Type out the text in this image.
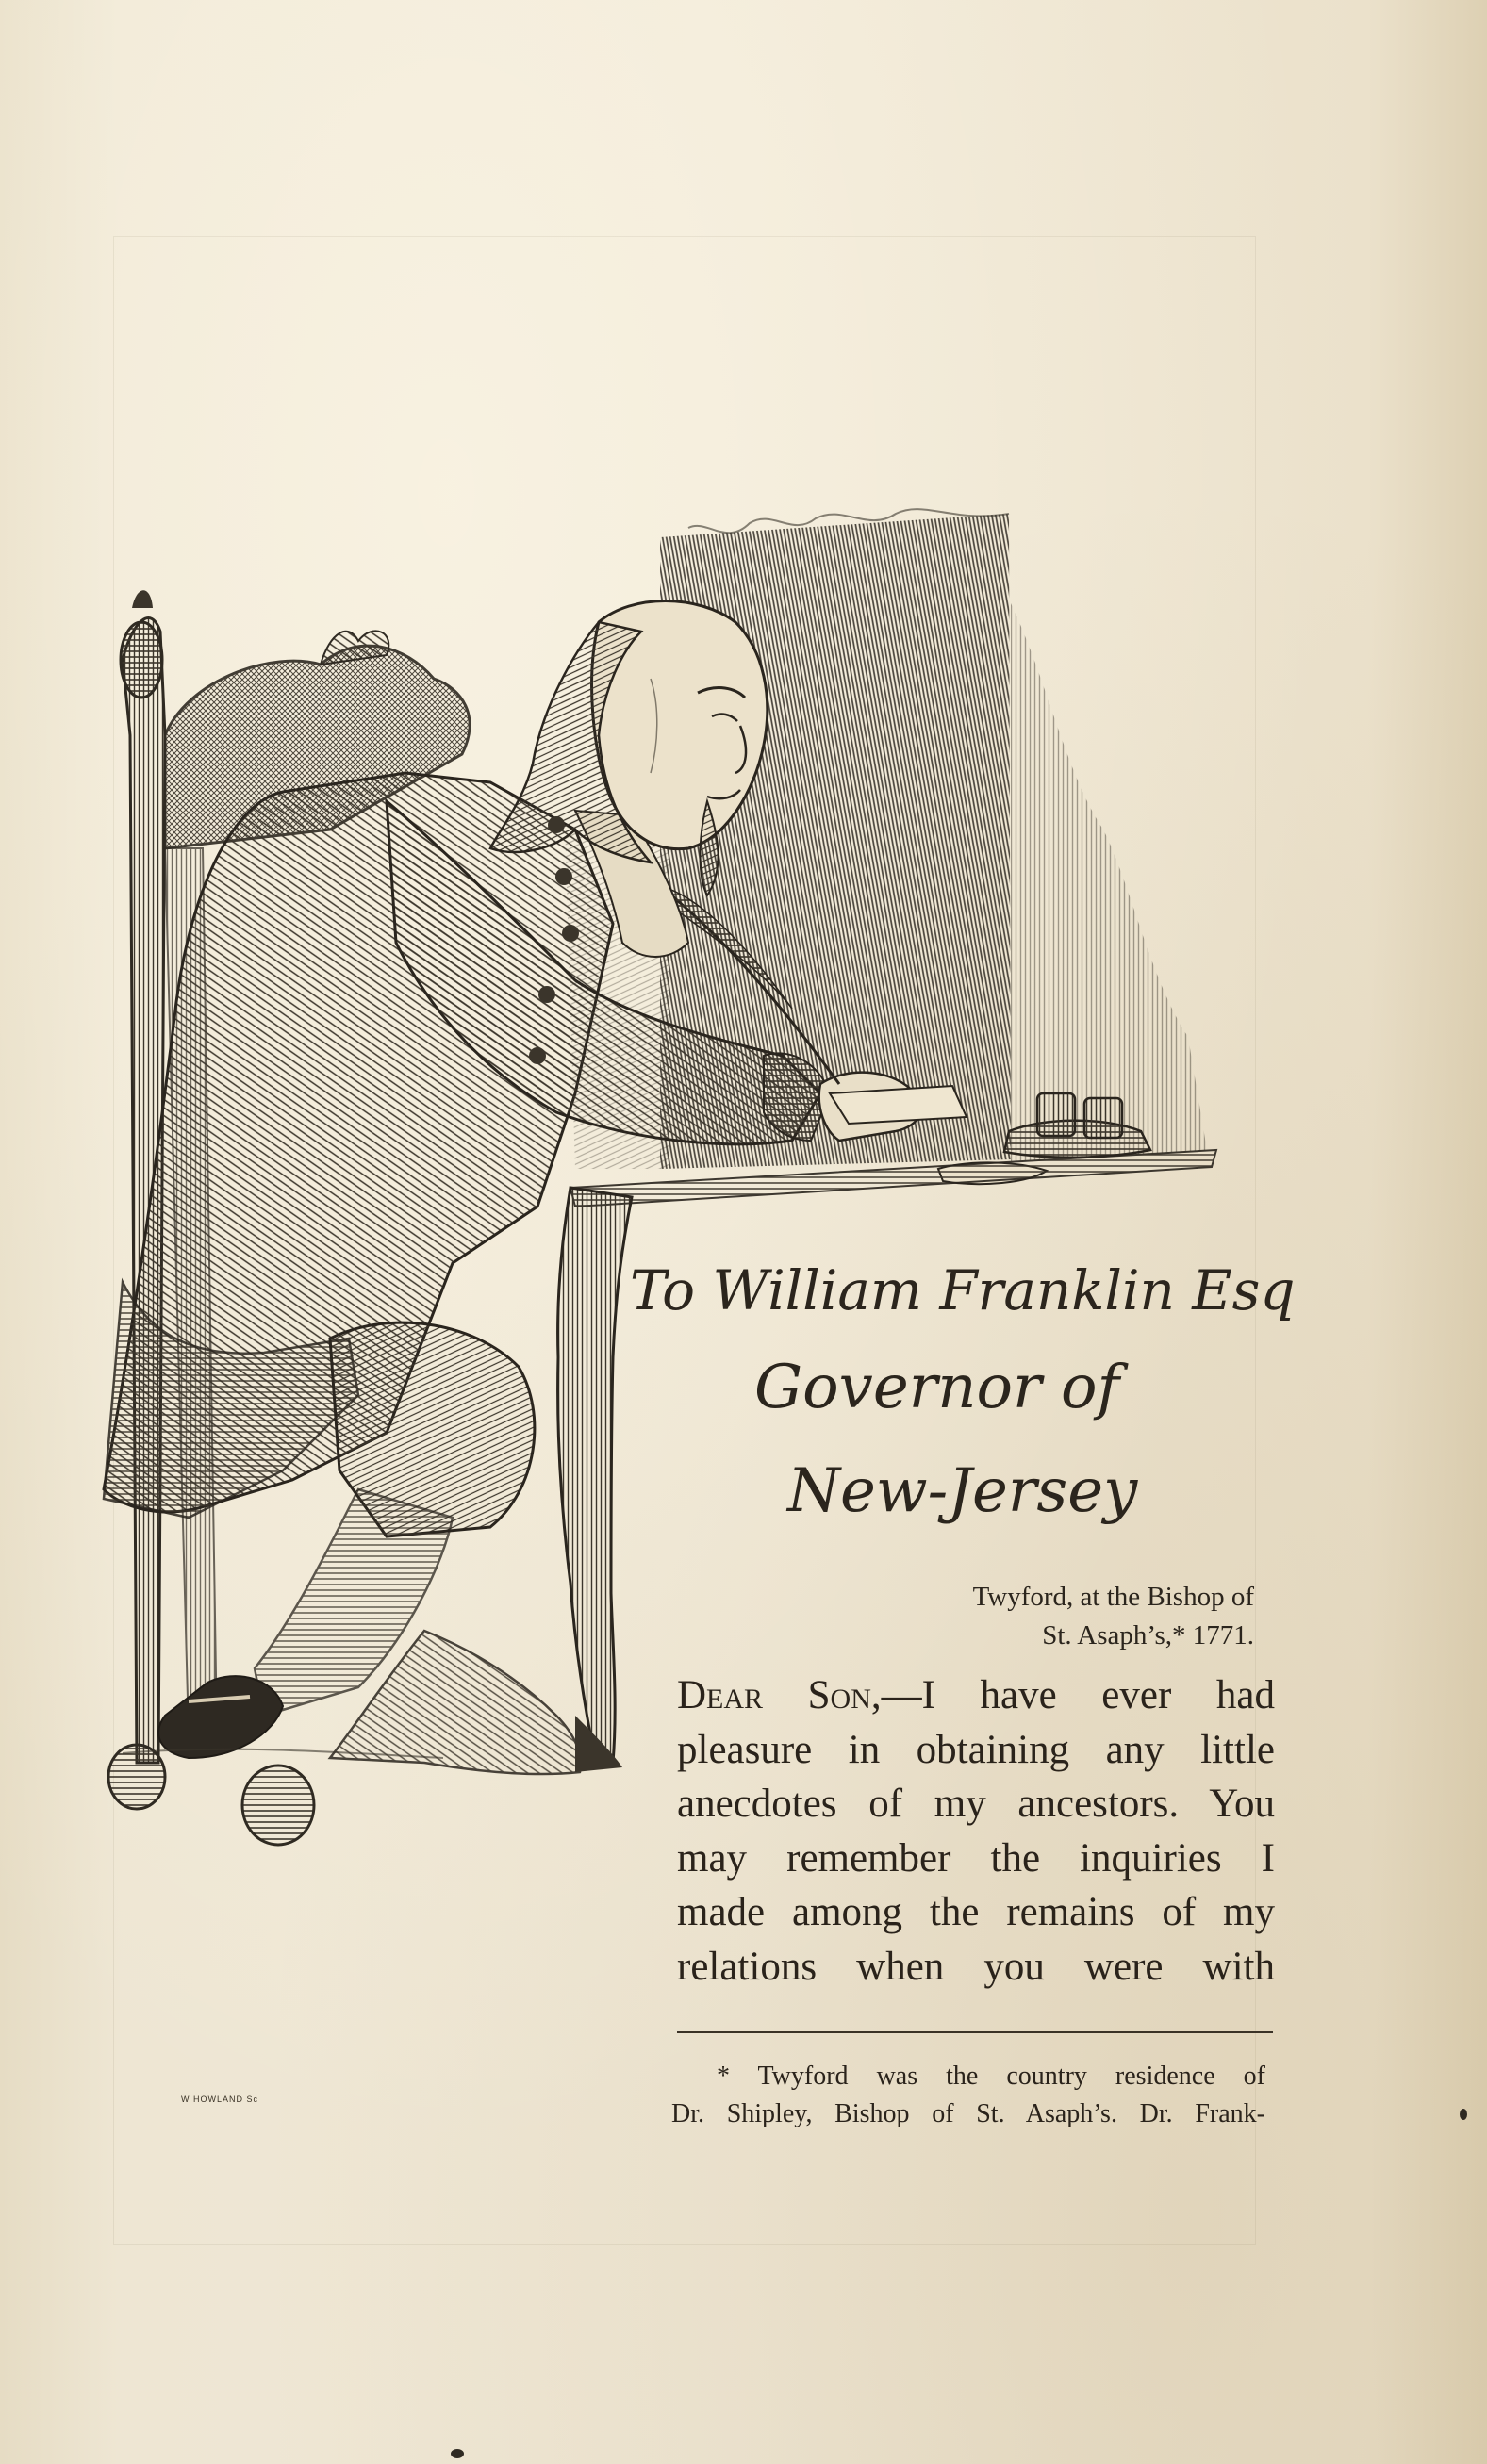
To William Franklin Esq
Governor of
New-Jersey
Twyford, at the Bishop of
St. Asaph’s,* 1771.
Dear Son,—I have ever had
pleasure in obtaining any little
anecdotes of my ancestors. You
may remember the inquiries I
made among the remains of my
relations when you were with
* Twyford was the country residence of
Dr. Shipley, Bishop of St. Asaph’s. Dr. Frank-
W HOWLAND Sc
